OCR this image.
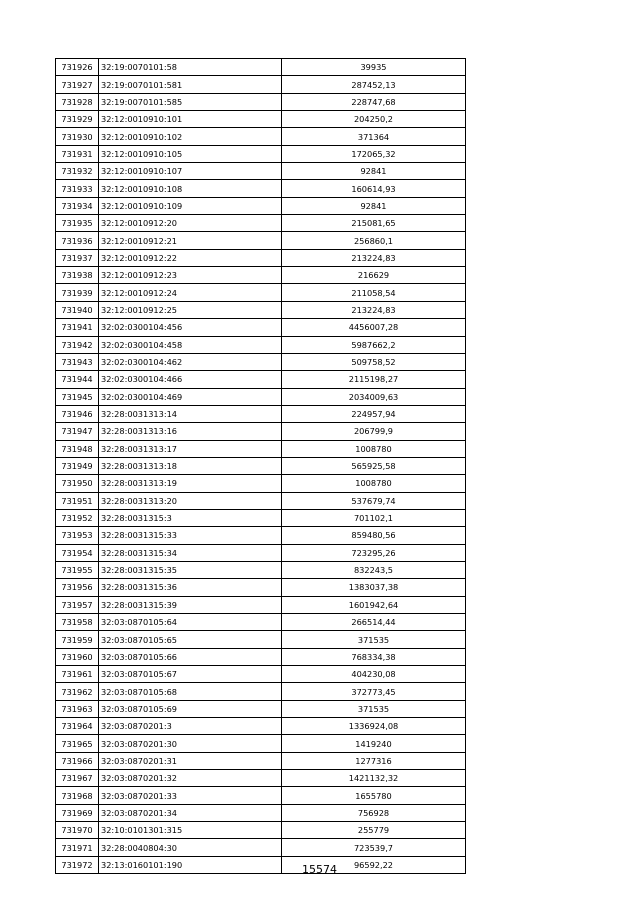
731926	32:19:0070101:58	39935
731927	32:19:0070101:581	287452,13
731928	32:19:0070101:585	228747,68
731929	32:12:0010910:101	204250,2
731930	32:12:0010910:102	371364
731931	32:12:0010910:105	172065,32
731932	32:12:0010910:107	92841
731933	32:12:0010910:108	160614,93
731934	32:12:0010910:109	92841
731935	32:12:0010912:20	215081,65
731936	32:12:0010912:21	256860,1
731937	32:12:0010912:22	213224,83
731938	32:12:0010912:23	216629
731939	32:12:0010912:24	211058,54
731940	32:12:0010912:25	213224,83
731941	32:02:0300104:456	4456007,28
731942	32:02:0300104:458	5987662,2
731943	32:02:0300104:462	509758,52
731944	32:02:0300104:466	2115198,27
731945	32:02:0300104:469	2034009,63
731946	32:28:0031313:14	224957,94
731947	32:28:0031313:16	206799,9
731948	32:28:0031313:17	1008780
731949	32:28:0031313:18	565925,58
731950	32:28:0031313:19	1008780
731951	32:28:0031313:20	537679,74
731952	32:28:0031315:3	701102,1
731953	32:28:0031315:33	859480,56
731954	32:28:0031315:34	723295,26
731955	32:28:0031315:35	832243,5
731956	32:28:0031315:36	1383037,38
731957	32:28:0031315:39	1601942,64
731958	32:03:0870105:64	266514,44
731959	32:03:0870105:65	371535
731960	32:03:0870105:66	768334,38
731961	32:03:0870105:67	404230,08
731962	32:03:0870105:68	372773,45
731963	32:03:0870105:69	371535
731964	32:03:0870201:3	1336924,08
731965	32:03:0870201:30	1419240
731966	32:03:0870201:31	1277316
731967	32:03:0870201:32	1421132,32
731968	32:03:0870201:33	1655780
731969	32:03:0870201:34	756928
731970	32:10:0101301:315	255779
731971	32:28:0040804:30	723539,7
731972	32:13:0160101:190	96592,22
15574
